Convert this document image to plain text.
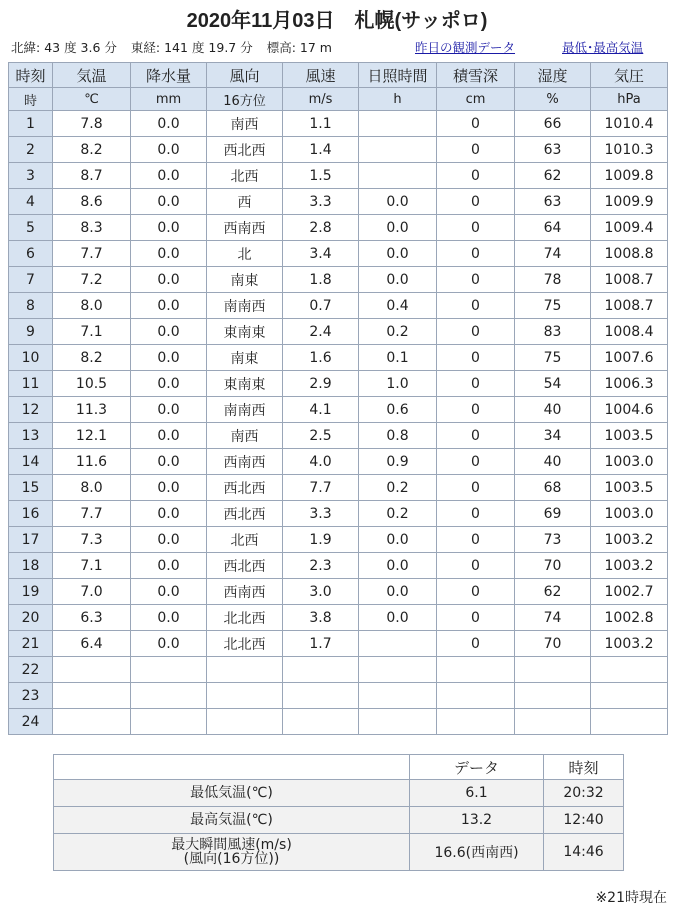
2020年11月03日　札幌(サッポロ)
北緯: 43 度 3.6 分 東経: 141 度 19.7 分 標高: 17 m	昨日の観測データ	最低･最高気温
時刻	気温	降水量	風向	風速	日照時間	積雪深	湿度	気圧
時	℃	mm	16方位	m/s	h	cm	%	hPa
1	7.8	0.0	南西	1.1		0	66	1010.4
2	8.2	0.0	西北西	1.4		0	63	1010.3
3	8.7	0.0	北西	1.5		0	62	1009.8
4	8.6	0.0	西	3.3	0.0	0	63	1009.9
5	8.3	0.0	西南西	2.8	0.0	0	64	1009.4
6	7.7	0.0	北	3.4	0.0	0	74	1008.8
7	7.2	0.0	南東	1.8	0.0	0	78	1008.7
8	8.0	0.0	南南西	0.7	0.4	0	75	1008.7
9	7.1	0.0	東南東	2.4	0.2	0	83	1008.4
10	8.2	0.0	南東	1.6	0.1	0	75	1007.6
11	10.5	0.0	東南東	2.9	1.0	0	54	1006.3
12	11.3	0.0	南南西	4.1	0.6	0	40	1004.6
13	12.1	0.0	南西	2.5	0.8	0	34	1003.5
14	11.6	0.0	西南西	4.0	0.9	0	40	1003.0
15	8.0	0.0	西北西	7.7	0.2	0	68	1003.5
16	7.7	0.0	西北西	3.3	0.2	0	69	1003.0
17	7.3	0.0	北西	1.9	0.0	0	73	1003.2
18	7.1	0.0	西北西	2.3	0.0	0	70	1003.2
19	7.0	0.0	西南西	3.0	0.0	0	62	1002.7
20	6.3	0.0	北北西	3.8	0.0	0	74	1002.8
21	6.4	0.0	北北西	1.7		0	70	1003.2
22								
23								
24								
	データ	時刻
最低気温(℃)	6.1	20:32
最高気温(℃)	13.2	12:40

最大瞬間風速(m/s)
(風向(16方位))	16.6(西南西)	14:46
※21時現在
